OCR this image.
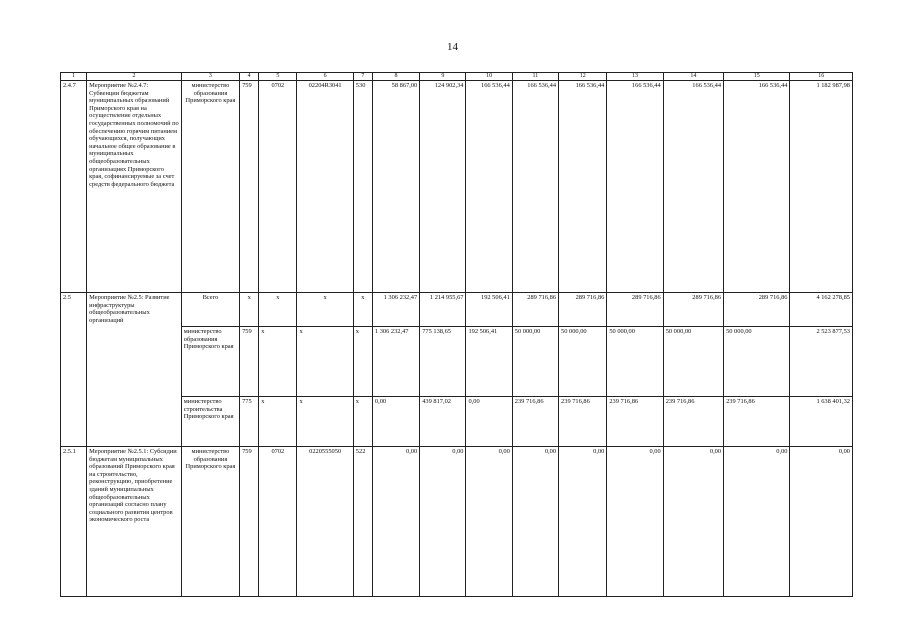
14
1	2	3	4	5	6	7	8	9	10	11	12	13	14	15	16
2.4.7	Мероприятие №2.4.7: Субвенции бюджетам муниципальных образований Приморского края на осуществление отдельных государственных полномочий по обеспечению горячим питанием обучающихся, получающих начальное общее образование в муниципальных общеобразовательных организациях Приморского края, софинансируемые за счет средств федерального бюджета	министерство образования Приморского края	759	0702	02204R3041	530	58 867,00	124 902,34	166 536,44	166 536,44	166 536,44	166 536,44	166 536,44	166 536,44	1 182 987,98
2.5	Мероприятие №2.5: Развитие инфраструктуры общеобразовательных организаций	Всего	x	x	x	x	1 306 232,47	1 214 955,67	192 506,41	289 716,86	289 716,86	289 716,86	289 716,86	289 716,86	4 162 278,85
		министерство образования Приморского края	759	x	x	x	1 306 232,47	775 138,65	192 506,41	50 000,00	50 000,00	50 000,00	50 000,00	50 000,00	2 523 877,53
		министерство строительства Приморского края	775	x	x	x	0,00	439 817,02	0,00	239 716,86	239 716,86	239 716,86	239 716,86	239 716,86	1 638 401,32
2.5.1	Мероприятие №2.5.1: Субсидии бюджетам муниципальных образований Приморского края на строительство, реконструкцию, приобретение зданий муниципальных общеобразовательных организаций согласно плану социального развития центров экономического роста	министерство образования Приморского края	759	0702	0220555050	522	0,00	0,00	0,00	0,00	0,00	0,00	0,00	0,00	0,00
